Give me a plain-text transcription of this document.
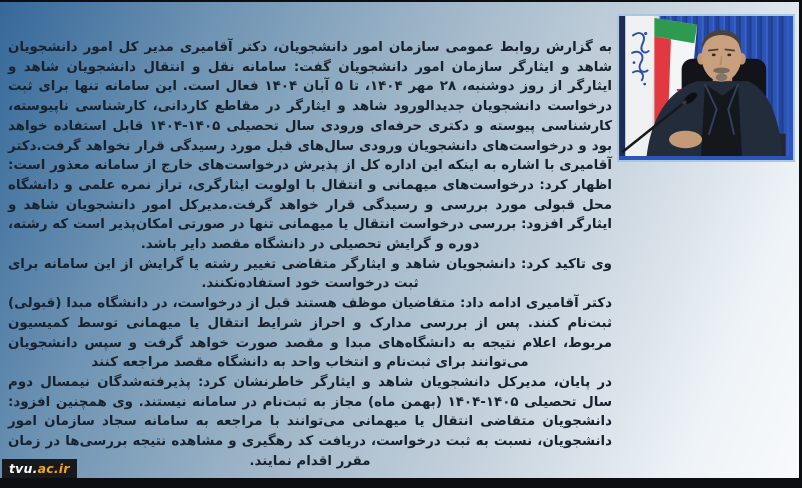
به گزارش روابط عمومی سازمان امور دانشجویان، دکتر آقامیری مدیر کل امور دانشجویان شاهد و ایثارگر سازمان امور دانشجویان گفت: سامانه نقل و انتقال دانشجویان شاهد و ایثارگر از روز دوشنبه، ۲۸ مهر ۱۴۰۴، تا ۵ آبان ۱۴۰۴ فعال است. این سامانه تنها برای ثبت درخواست دانشجویان جدیدالورود شاهد و ایثارگر در مقاطع کاردانی، کارشناسی ناپیوسته، کارشناسی پیوسته و دکتری حرفه‌ای ورودی سال تحصیلی ۱۴۰۵-۱۴۰۴ قابل استفاده خواهد بود و درخواست‌های دانشجویان ورودی سال‌های قبل مورد رسیدگی قرار نخواهد گرفت.دکتر آقامیری با اشاره به اینکه این اداره کل از پذیرش درخواست‌های خارج از سامانه معذور است: اظهار کرد: درخواست‌های میهمانی و انتقال با اولویت ایثارگری، تراز نمره علمی و دانشگاه محل قبولی مورد بررسی و رسیدگی قرار خواهد گرفت.مدیرکل امور دانشجویان شاهد و ایثارگر افزود: بررسی درخواست انتقال یا میهمانی تنها در صورتی امکان‌پذیر است که رشته، دوره و گرایش تحصیلی در دانشگاه مقصد دایر باشد.

وی تاکید کرد: دانشجویان شاهد و ایثارگر متقاضی تغییر رشته یا گرایش از این سامانه برای ثبت درخواست خود استفاده‌نکنند.

دکتر آقامیری ادامه داد: متقاضیان موظف هستند قبل از درخواست، در دانشگاه مبدا (قبولی) ثبت‌نام کنند. پس از بررسی مدارک و احراز شرایط انتقال یا میهمانی توسط کمیسیون مربوط، اعلام نتیجه به دانشگاه‌های مبدا و مقصد صورت خواهد گرفت و سپس دانشجویان می‌توانند برای ثبت‌نام و انتخاب واحد به دانشگاه مقصد مراجعه کنند

در پایان، مدیرکل دانشجویان شاهد و ایثارگر خاطرنشان کرد: پذیرفته‌شدگان نیمسال دوم سال تحصیلی ۱۴۰۵-۱۴۰۴ (بهمن ماه) مجاز به ثبت‌نام در سامانه نیستند. وی همچنین افزود: دانشجویان متقاضی انتقال یا میهمانی می‌توانند با مراجعه به سامانه سجاد سازمان امور دانشجویان، نسبت به ثبت درخواست، دریافت کد رهگیری و مشاهده نتیجه بررسی‌ها در زمان مقرر اقدام نمایند.

tvu.ac.ir
